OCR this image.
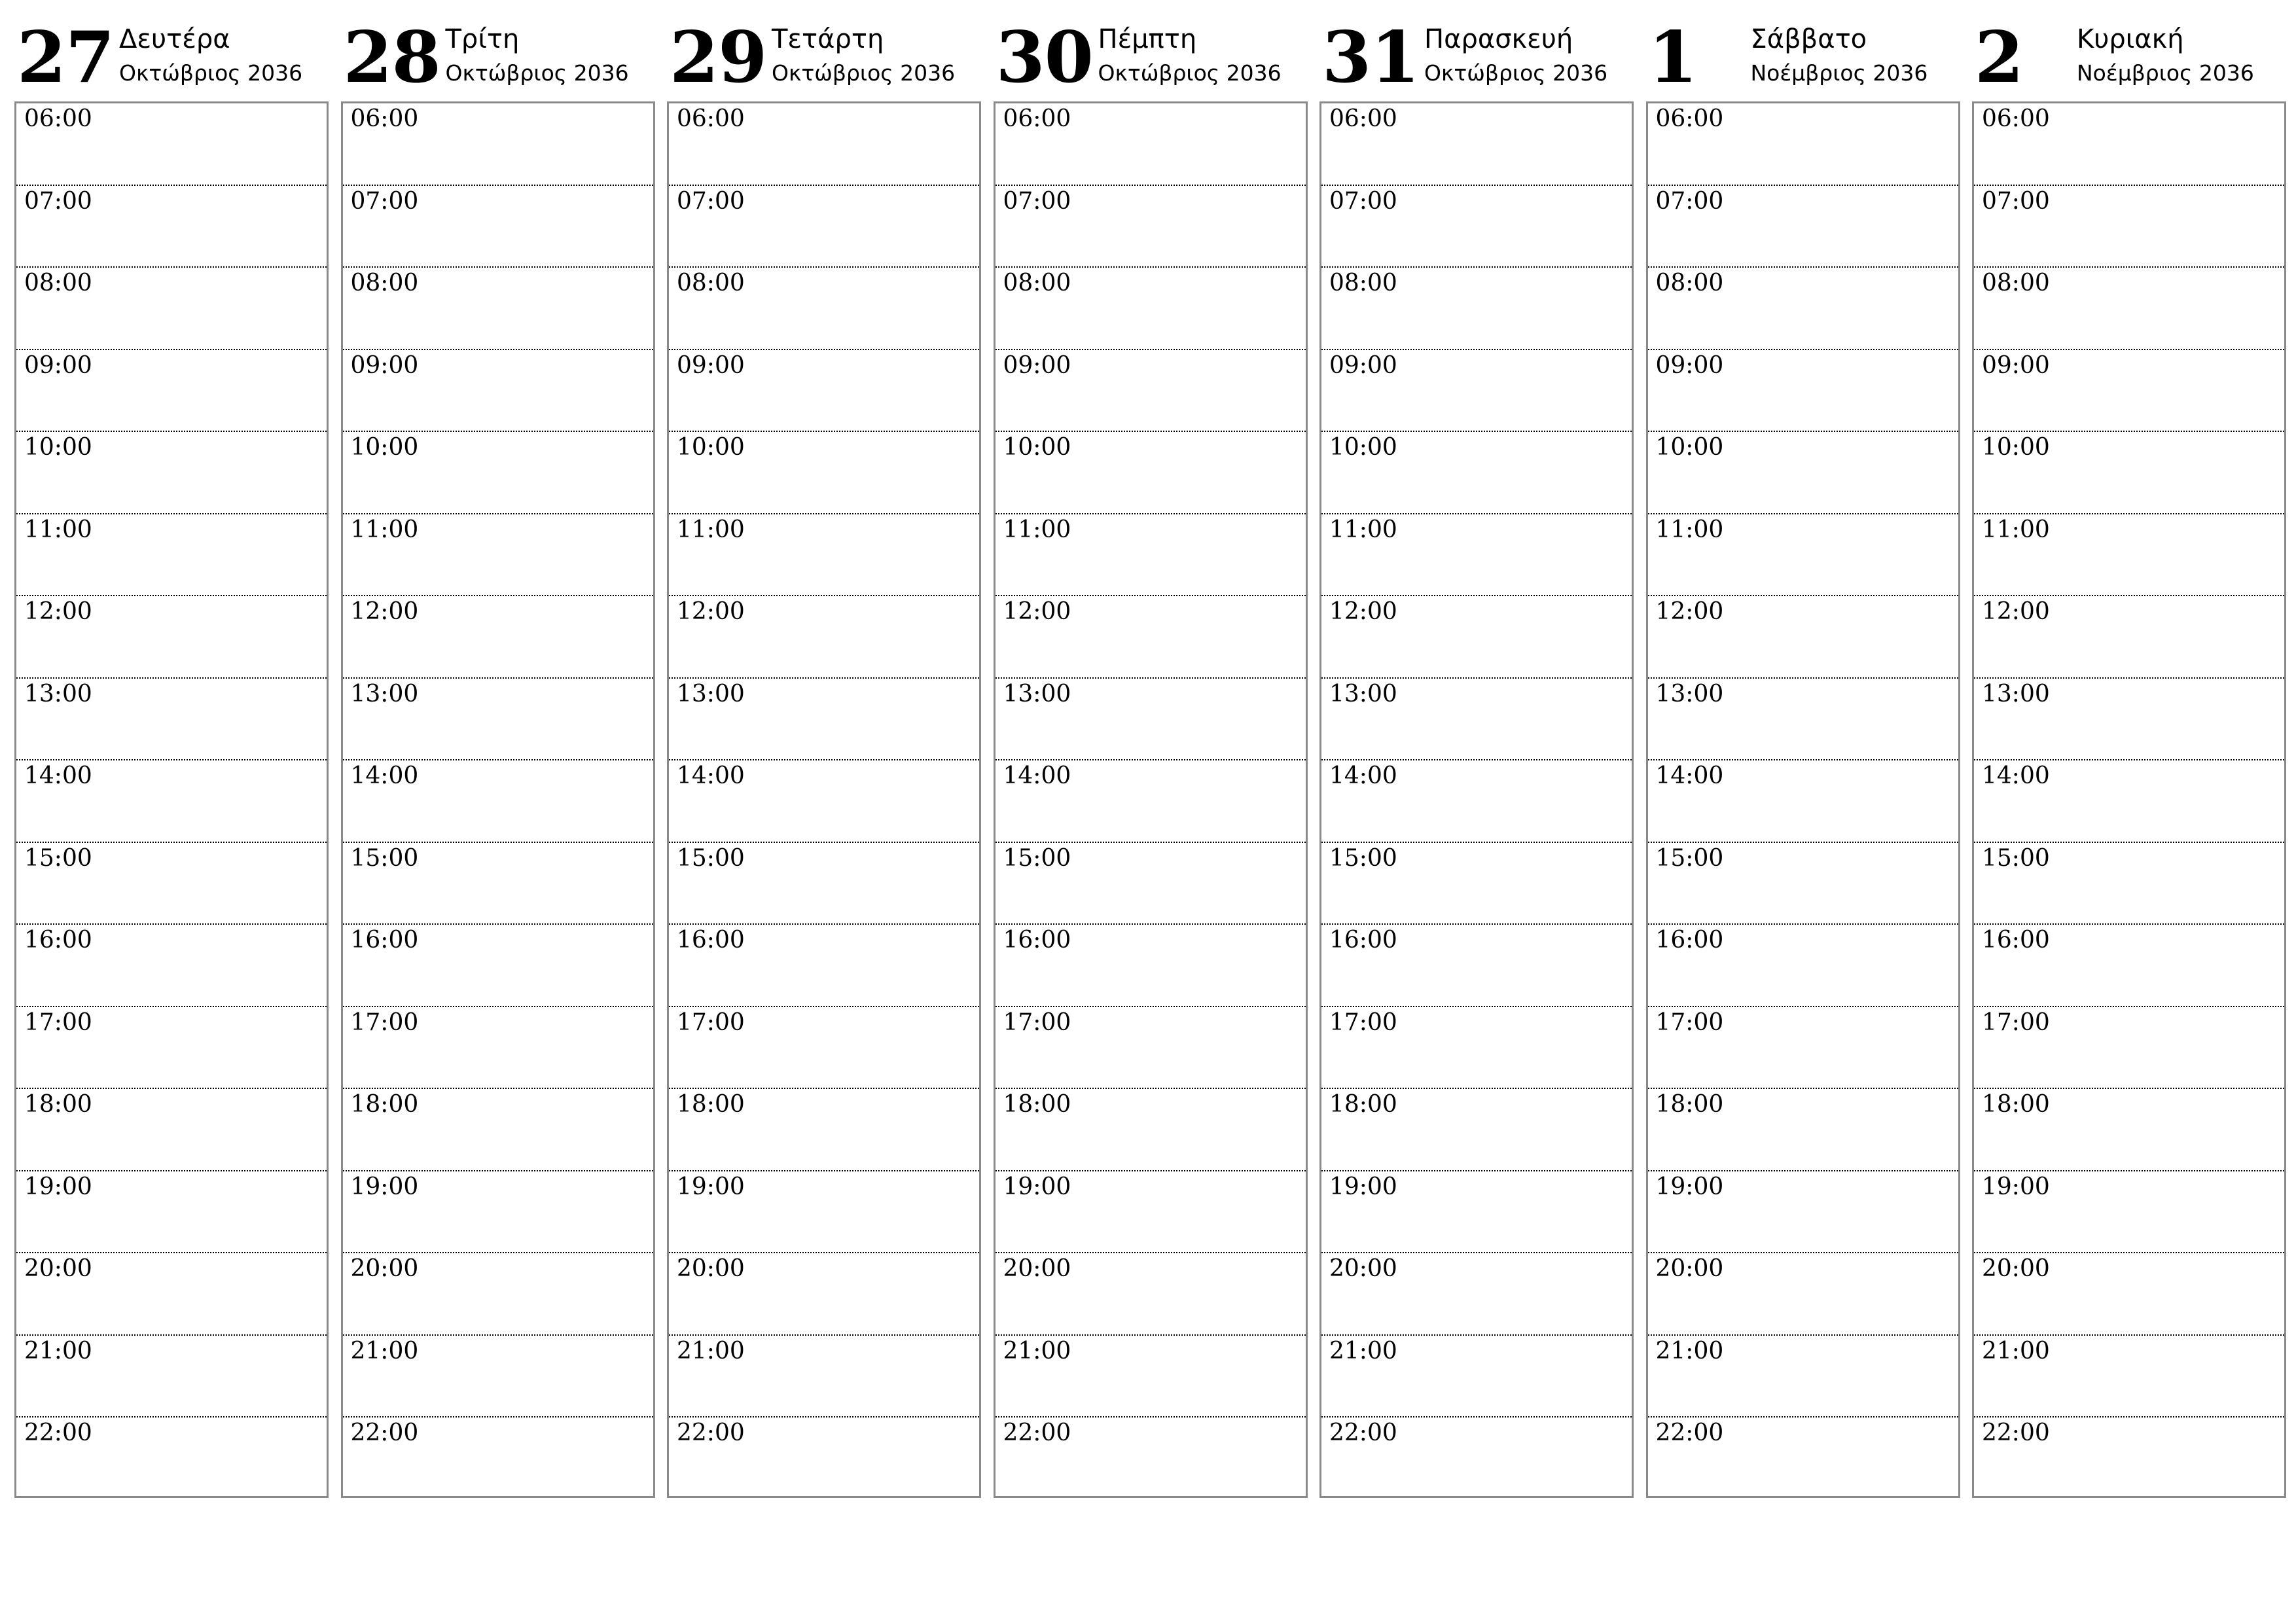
27 Δευτέρα
Οκτώβριος 2036
06:00
07:00
08:00
09:00
10:00
11:00
12:00
13:00
14:00
15:00
16:00
17:00
18:00
19:00
20:00
21:00
22:00
28 Τρίτη
Οκτώβριος 2036
06:00
07:00
08:00
09:00
10:00
11:00
12:00
13:00
14:00
15:00
16:00
17:00
18:00
19:00
20:00
21:00
22:00
29 Τετάρτη
Οκτώβριος 2036
06:00
07:00
08:00
09:00
10:00
11:00
12:00
13:00
14:00
15:00
16:00
17:00
18:00
19:00
20:00
21:00
22:00
30 Πέμπτη
Οκτώβριος 2036
06:00
07:00
08:00
09:00
10:00
11:00
12:00
13:00
14:00
15:00
16:00
17:00
18:00
19:00
20:00
21:00
22:00
31 Παρασκευή
Οκτώβριος 2036
06:00
07:00
08:00
09:00
10:00
11:00
12:00
13:00
14:00
15:00
16:00
17:00
18:00
19:00
20:00
21:00
22:00
1 Σάββατο
Νοέμβριος 2036
06:00
07:00
08:00
09:00
10:00
11:00
12:00
13:00
14:00
15:00
16:00
17:00
18:00
19:00
20:00
21:00
22:00
2 Κυριακή
Νοέμβριος 2036
06:00
07:00
08:00
09:00
10:00
11:00
12:00
13:00
14:00
15:00
16:00
17:00
18:00
19:00
20:00
21:00
22:00
